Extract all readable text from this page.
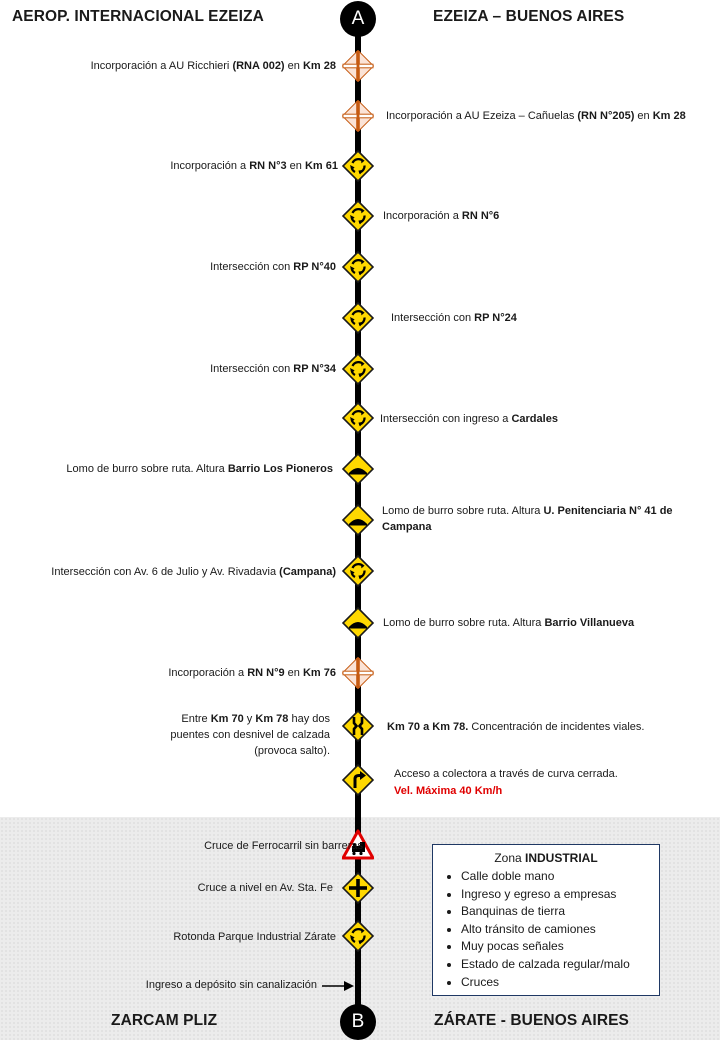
AEROP. INTERNACIONAL EZEIZA	EZEIZA – BUENOS AIRES
ZARCAM PLIZ	ZÁRATE - BUENOS AIRES
A
B
Incorporación a AU Ricchieri (RNA 002) en Km 28
Incorporación a AU Ezeiza – Cañuelas (RN N°205) en Km 28
Incorporación a RN N°3 en Km 61
Incorporación a RN N°6
Intersección con RP N°40
Intersección con RP N°24
Intersección con RP N°34
Intersección con ingreso a Cardales
Lomo de burro sobre ruta. Altura Barrio Los Pioneros
Lomo de burro sobre ruta. Altura U. Penitenciaria N° 41 de Campana
Intersección con Av. 6 de Julio y Av. Rivadavia (Campana)
Lomo de burro sobre ruta. Altura Barrio Villanueva
Incorporación a RN N°9 en Km 76
Entre Km 70 y Km 78 hay dos puentes con desnivel de calzada (provoca salto).
Km 70 a Km 78. Concentración de incidentes viales.
Acceso a colectora a través de curva cerrada.
Vel. Máxima 40 Km/h
Cruce de Ferrocarril sin barreras
Cruce a nivel en Av. Sta. Fe
Rotonda Parque Industrial Zárate
Ingreso a depósito sin canalización
Zona INDUSTRIAL
• Calle doble mano
• Ingreso y egreso a empresas
• Banquinas de tierra
• Alto tránsito de camiones
• Muy pocas señales
• Estado de calzada regular/malo
• Cruces
